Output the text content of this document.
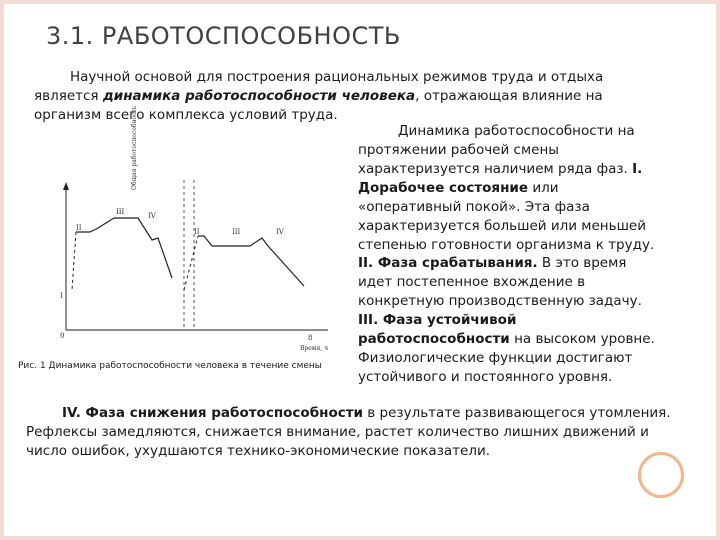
3.1. РАБОТОСПОСОБНОСТЬ
Научной основой для построения рациональных режимов труда и отдыха является динамика работоспособности человека, отражающая влияние на организм всего комплекса условий труда.
Общая работоспособность
II
III	IV
II	III	IV
I
0	8
Время, ч
Рис. 1 Динамика работоспособности человека в течение смены
Динамика работоспособности на протяжении рабочей смены характеризуется наличием ряда фаз. I. Дорабочее состояние или «оперативный покой». Эта фаза характеризуется большей или меньшей степенью готовности организма к труду.
II. Фаза срабатывания. В это время идет постепенное вхождение в конкретную производственную задачу.
III. Фаза устойчивой работоспособности на высоком уровне. Физиологические функции достигают устойчивого и постоянного уровня.
IV. Фаза снижения работоспособности в результате развивающегося утомления. Рефлексы замедляются, снижается внимание, растет количество лишних движений и число ошибок, ухудшаются технико-экономические показатели.
